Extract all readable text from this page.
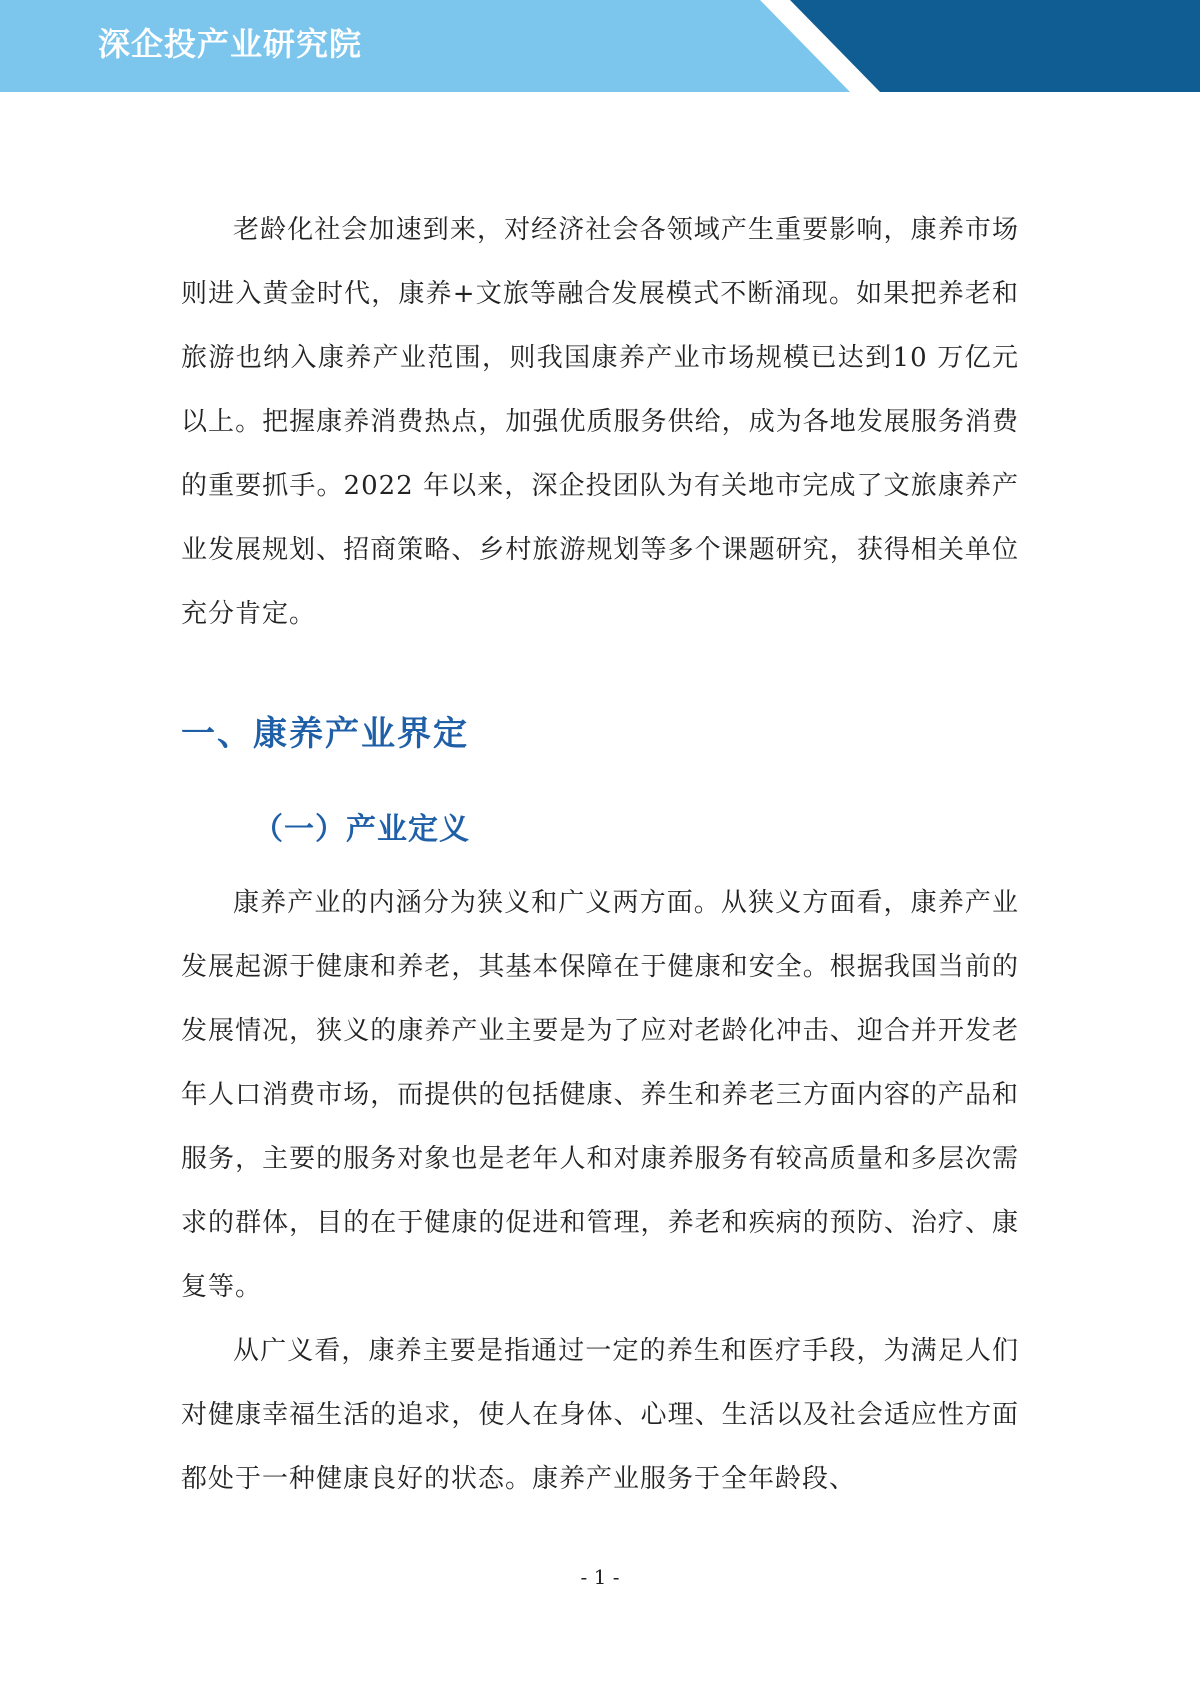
深企投产业研究院

老龄化社会加速到来，对经济社会各领域产生重要影响，康养市场则进入黄金时代，康养+文旅等融合发展模式不断涌现。如果把养老和旅游也纳入康养产业范围，则我国康养产业市场规模已达到10 万亿元以上。把握康养消费热点，加强优质服务供给，成为各地发展服务消费的重要抓手。2022 年以来，深企投团队为有关地市完成了文旅康养产业发展规划、招商策略、乡村旅游规划等多个课题研究，获得相关单位充分肯定。

一、康养产业界定
（一）产业定义

康养产业的内涵分为狭义和广义两方面。从狭义方面看，康养产业发展起源于健康和养老，其基本保障在于健康和安全。根据我国当前的发展情况，狭义的康养产业主要是为了应对老龄化冲击、迎合并开发老年人口消费市场，而提供的包括健康、养生和养老三方面内容的产品和服务，主要的服务对象也是老年人和对康养服务有较高质量和多层次需求的群体，目的在于健康的促进和管理，养老和疾病的预防、治疗、康复等。

从广义看，康养主要是指通过一定的养生和医疗手段，为满足人们对健康幸福生活的追求，使人在身体、心理、生活以及社会适应性方面都处于一种健康良好的状态。康养产业服务于全年龄段、

- 1 -
